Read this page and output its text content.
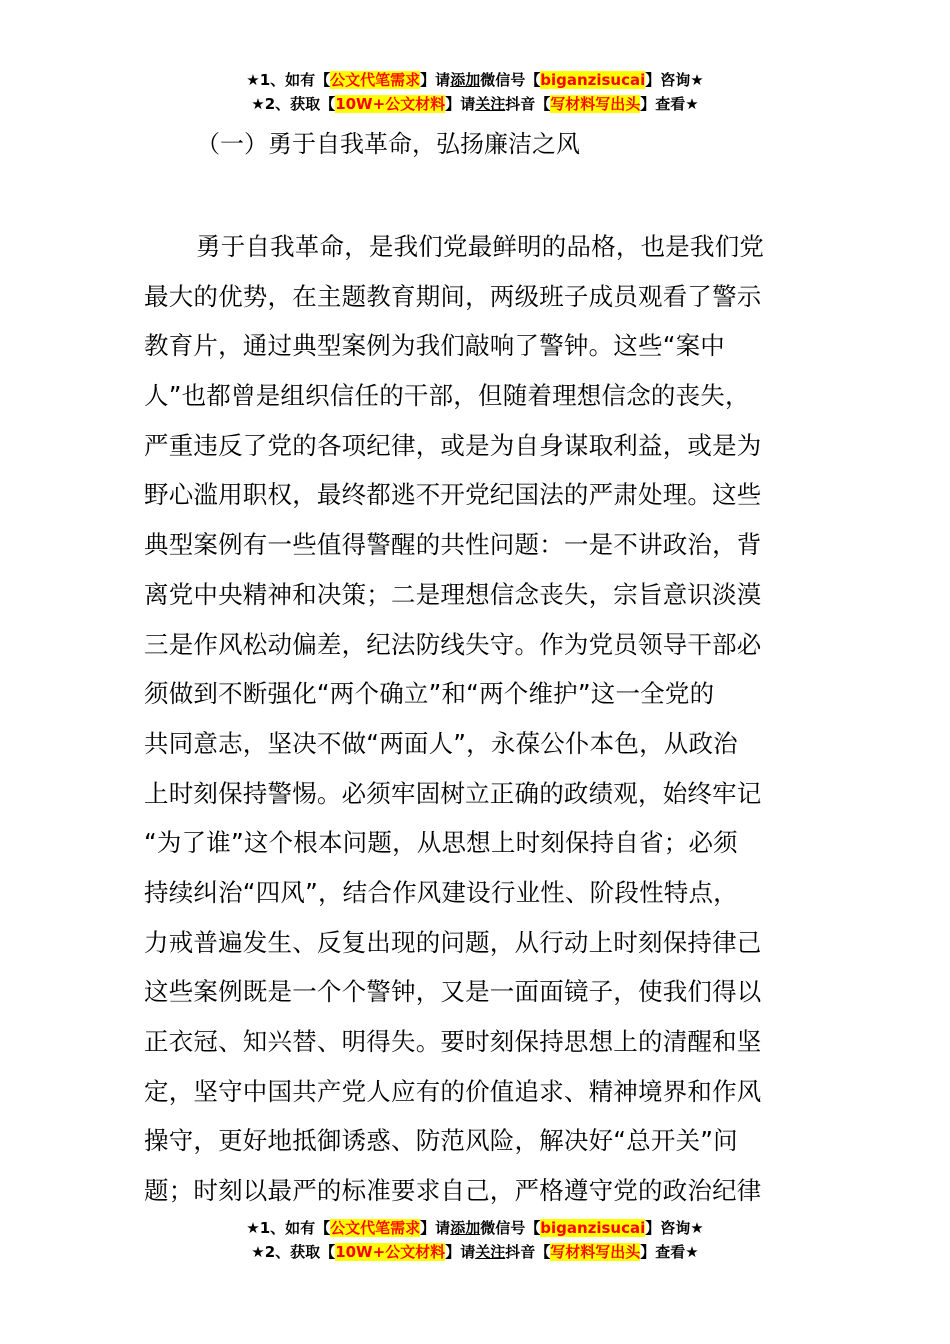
★1、如有【公文代笔需求】请添加微信号【biganzisucai】咨询★
★2、获取【10W+公文材料】请关注抖音【写材料写出头】查看★
（一）勇于自我革命，弘扬廉洁之风
勇于自我革命，是我们党最鲜明的品格，也是我们党
最大的优势，在主题教育期间，两级班子成员观看了警示
教育片，通过典型案例为我们敲响了警钟。这些“案中
人”也都曾是组织信任的干部，但随着理想信念的丧失，
严重违反了党的各项纪律，或是为自身谋取利益，或是为
野心滥用职权，最终都逃不开党纪国法的严肃处理。这些
典型案例有一些值得警醒的共性问题：一是不讲政治，背
离党中央精神和决策；二是理想信念丧失，宗旨意识淡漠
三是作风松动偏差，纪法防线失守。作为党员领导干部必
须做到不断强化“两个确立”和“两个维护”这一全党的
共同意志，坚决不做“两面人”，永葆公仆本色，从政治
上时刻保持警惕。必须牢固树立正确的政绩观，始终牢记
“为了谁”这个根本问题，从思想上时刻保持自省；必须
持续纠治“四风”，结合作风建设行业性、阶段性特点，
力戒普遍发生、反复出现的问题，从行动上时刻保持律己
这些案例既是一个个警钟，又是一面面镜子，使我们得以
正衣冠、知兴替、明得失。要时刻保持思想上的清醒和坚
定，坚守中国共产党人应有的价值追求、精神境界和作风
操守，更好地抵御诱惑、防范风险，解决好“总开关”问
题；时刻以最严的标准要求自己，严格遵守党的政治纪律
★1、如有【公文代笔需求】请添加微信号【biganzisucai】咨询★
★2、获取【10W+公文材料】请关注抖音【写材料写出头】查看★
